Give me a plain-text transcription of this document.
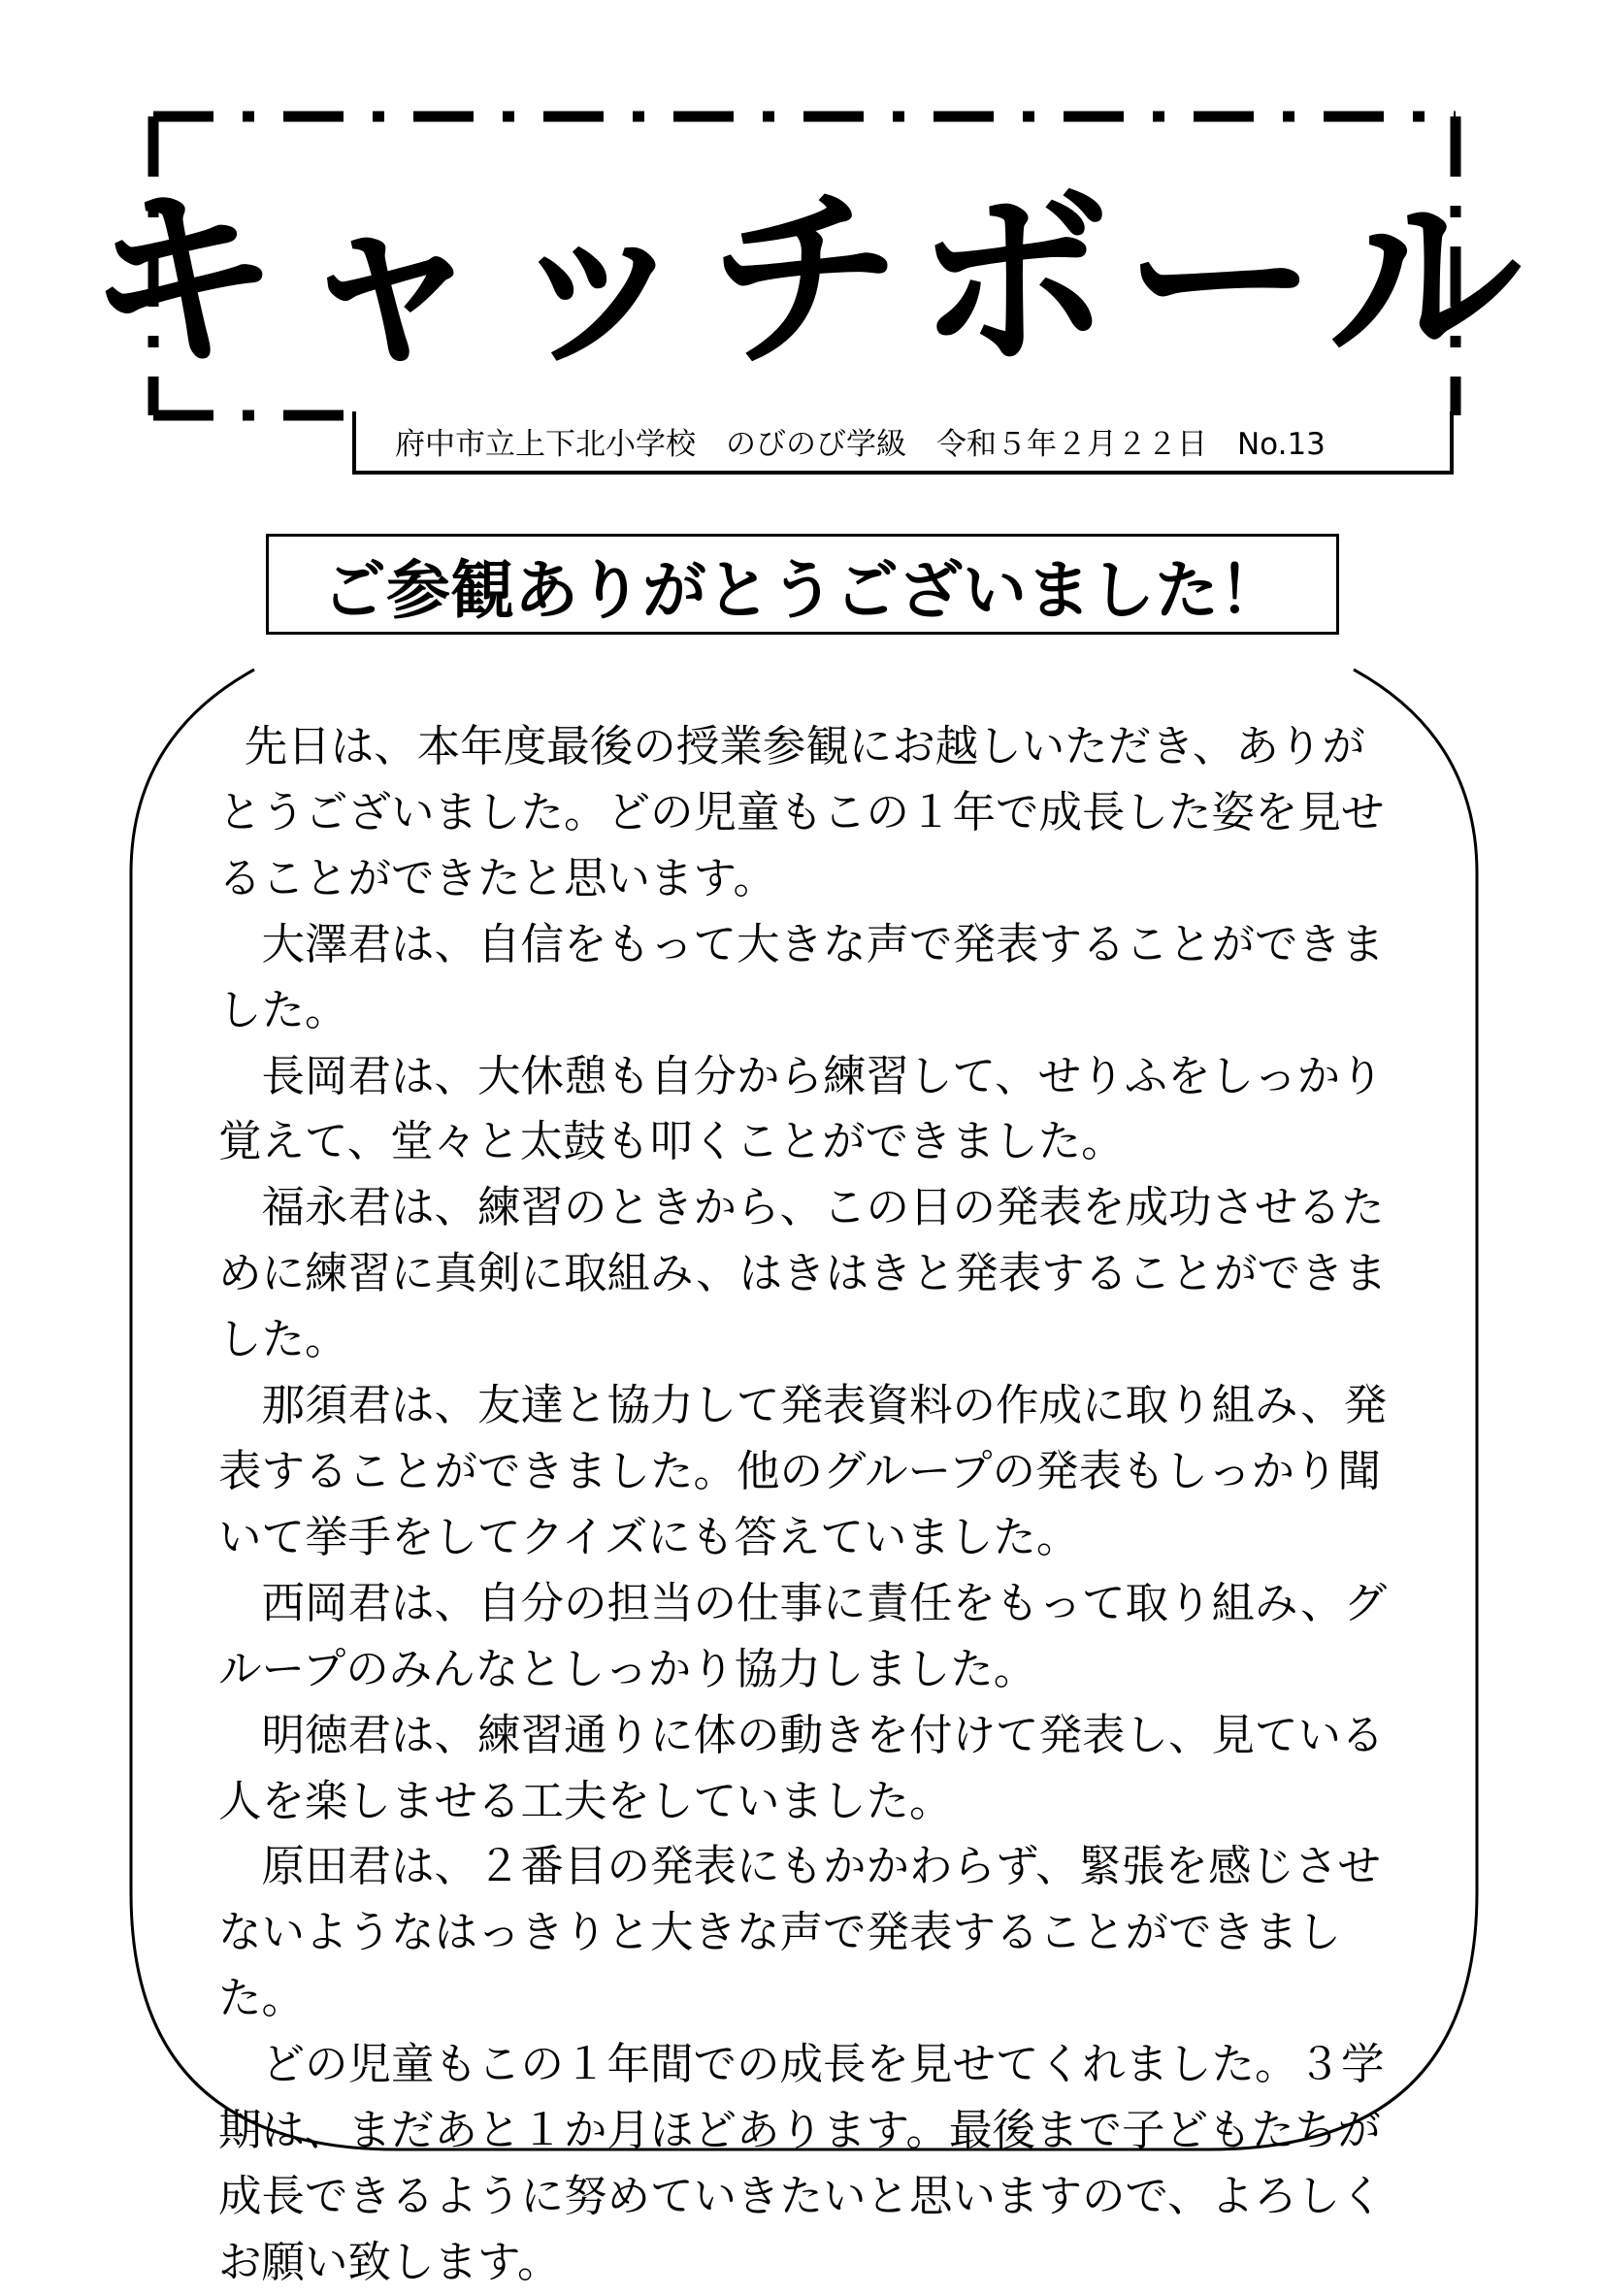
キャッチボール
府中市立上下北小学校　のびのび学級　令和５年２月２２日　No.13
ご参観ありがとうございました！

先日は、本年度最後の授業参観にお越しいただき、ありがとうございました。どの児童もこの１年で成長した姿を見せることができたと思います。

大澤君は、自信をもって大きな声で発表することができました。

長岡君は、大休憩も自分から練習して、せりふをしっかり覚えて、堂々と太鼓も叩くことができました。

福永君は、練習のときから、この日の発表を成功させるために練習に真剣に取組み、はきはきと発表することができました。

那須君は、友達と協力して発表資料の作成に取り組み、発表することができました。他のグループの発表もしっかり聞いて挙手をしてクイズにも答えていました。

西岡君は、自分の担当の仕事に責任をもって取り組み、グループのみんなとしっかり協力しました。

明徳君は、練習通りに体の動きを付けて発表し、見ている人を楽しませる工夫をしていました。

原田君は、２番目の発表にもかかわらず、緊張を感じさせないようなはっきりと大きな声で発表することができました。

どの児童もこの１年間での成長を見せてくれました。３学期は、まだあと１か月ほどあります。最後まで子どもたちが成長できるように努めていきたいと思いますので、よろしくお願い致します。
